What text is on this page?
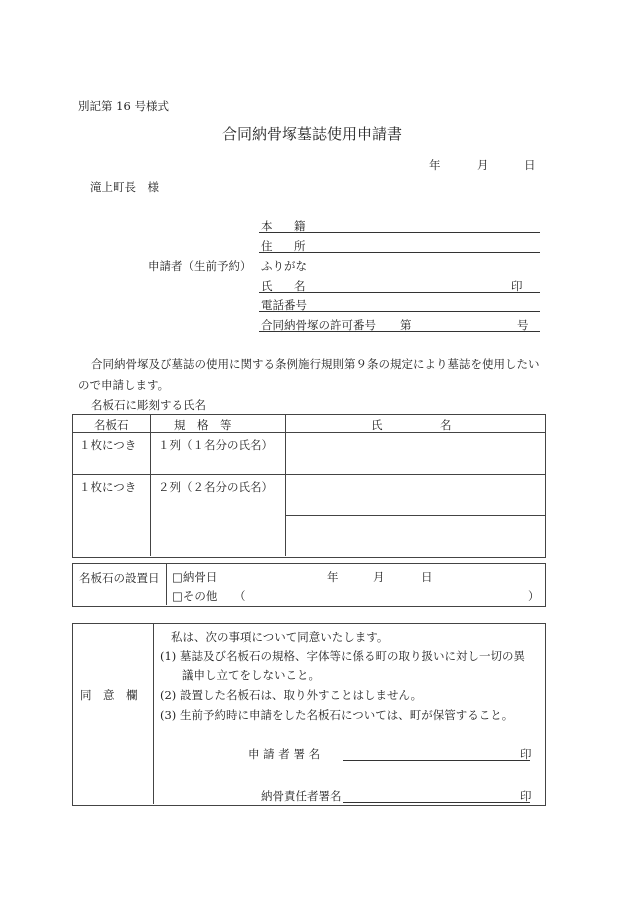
別記第 16 号様式
合同納骨塚墓誌使用申請書
年	月	日
滝上町長　様
申請者（生前予約）
本 籍
住 所
ふりがな
氏 名	印
電話番号
合同納骨塚の許可番号 第	号
合同納骨塚及び墓誌の使用に関する条例施行規則第９条の規定により墓誌を使用したい
ので申請します。
名板石に彫刻する氏名
名板石	規　格　等	氏　　　　　名
１枚につき １列（１名分の氏名）
１枚につき ２列（２名分の氏名）
名板石の設置日 □納骨日	年	月	日
□その他 （	）
同　意　欄
私は、次の事項について同意いたします。
(1) 墓誌及び名板石の規格、字体等に係る町の取り扱いに対し一切の異
議申し立てをしないこと。
(2) 設置した名板石は、取り外すことはしません。
(3) 生前予約時に申請をした名板石については、町が保管すること。
申 請 者 署 名	印
納骨責任者署名	印
